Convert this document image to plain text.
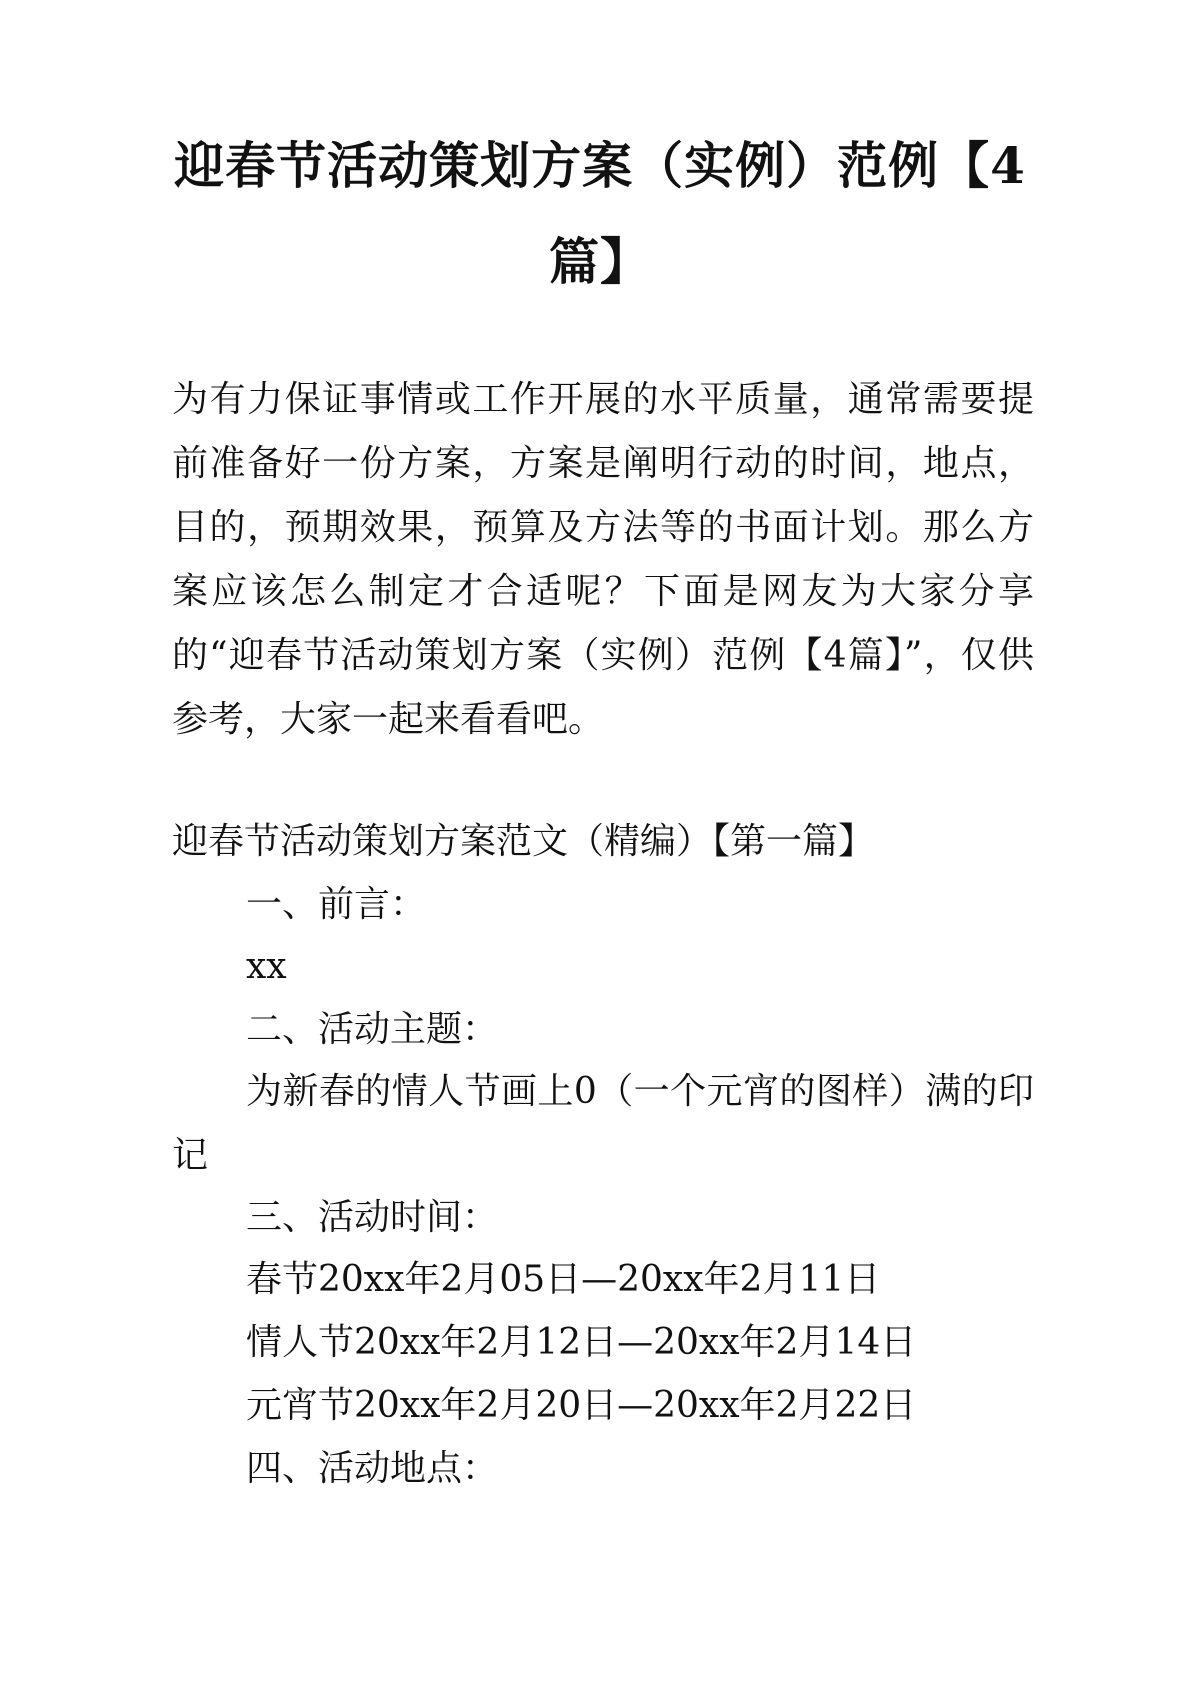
迎春节活动策划方案（实例）范例【4篇】
为有力保证事情或工作开展的水平质量，通常需要提前准备好一份方案，方案是阐明行动的时间，地点，目的，预期效果，预算及方法等的书面计划。那么方案应该怎么制定才合适呢？下面是网友为大家分享的“迎春节活动策划方案（实例）范例【4篇】”，仅供参考，大家一起来看看吧。
迎春节活动策划方案范文（精编）【第一篇】
一、前言：
xx
二、活动主题：
为新春的情人节画上0（一个元宵的图样）满的印记
三、活动时间：
春节20xx年2月05日—20xx年2月11日
情人节20xx年2月12日—20xx年2月14日
元宵节20xx年2月20日—20xx年2月22日
四、活动地点：
